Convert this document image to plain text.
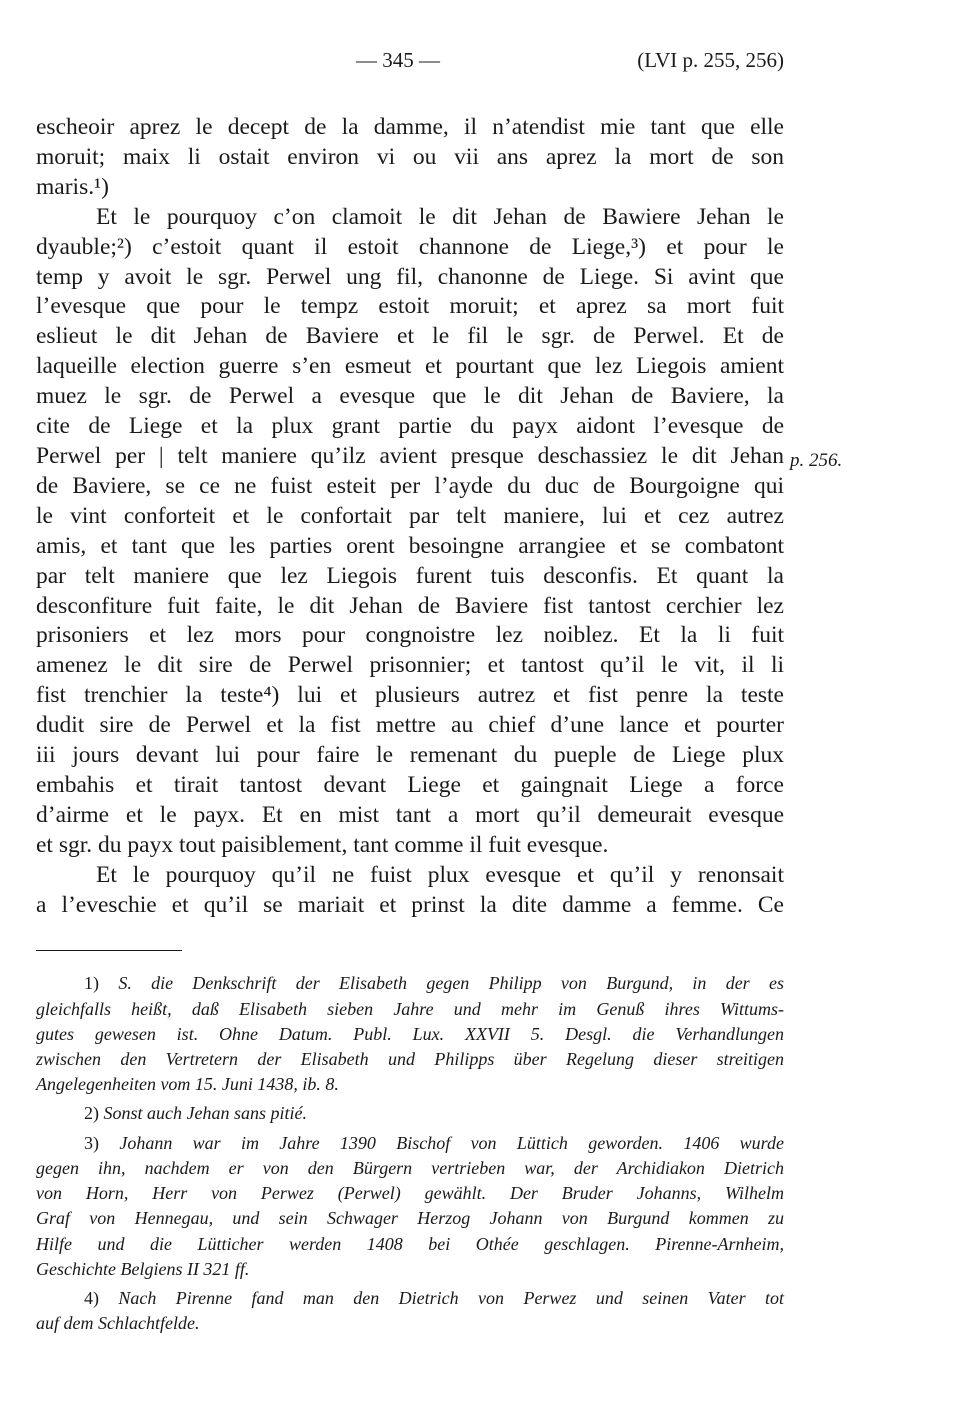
— 345 —	(LVI p. 255, 256)
escheoir aprez le decept de la damme, il n’atendist mie tant que elle
moruit; maix li ostait environ vi ou vii ans aprez la mort de son
maris.¹)
Et le pourquoy c’on clamoit le dit Jehan de Bawiere Jehan le
dyauble;²) c’estoit quant il estoit channone de Liege,³) et pour le
temp y avoit le sgr. Perwel ung fil, chanonne de Liege. Si avint que
l’evesque que pour le tempz estoit moruit; et aprez sa mort fuit
eslieut le dit Jehan de Baviere et le fil le sgr. de Perwel. Et de
laqueille election guerre s’en esmeut et pourtant que lez Liegois amient
muez le sgr. de Perwel a evesque que le dit Jehan de Baviere, la
cite de Liege et la plux grant partie du payx aidont l’evesque de
Perwel per | telt maniere qu’ilz avient presque deschassiez le dit Jehan
de Baviere, se ce ne fuist esteit per l’ayde du duc de Bourgoigne qui
le vint conforteit et le confortait par telt maniere, lui et cez autrez
amis, et tant que les parties orent besoingne arrangiee et se combatont
par telt maniere que lez Liegois furent tuis desconfis. Et quant la
desconfiture fuit faite, le dit Jehan de Baviere fist tantost cerchier lez
prisoniers et lez mors pour congnoistre lez noiblez. Et la li fuit
amenez le dit sire de Perwel prisonnier; et tantost qu’il le vit, il li
fist trenchier la teste⁴) lui et plusieurs autrez et fist penre la teste
dudit sire de Perwel et la fist mettre au chief d’une lance et pourter
iii jours devant lui pour faire le remenant du pueple de Liege plux
embahis et tirait tantost devant Liege et gaingnait Liege a force
d’airme et le payx. Et en mist tant a mort qu’il demeurait evesque
et sgr. du payx tout paisiblement, tant comme il fuit evesque.
Et le pourquoy qu’il ne fuist plux evesque et qu’il y renonsait
a l’eveschie et qu’il se mariait et prinst la dite damme a femme. Ce
1) S. die Denkschrift der Elisabeth gegen Philipp von Burgund, in der es
gleichfalls heißt, daß Elisabeth sieben Jahre und mehr im Genuß ihres Wittums-
gutes gewesen ist. Ohne Datum. Publ. Lux. XXVII 5. Desgl. die Verhandlungen
zwischen den Vertretern der Elisabeth und Philipps über Regelung dieser streitigen
Angelegenheiten vom 15. Juni 1438, ib. 8.
2) Sonst auch Jehan sans pitié.
3) Johann war im Jahre 1390 Bischof von Lüttich geworden. 1406 wurde
gegen ihn, nachdem er von den Bürgern vertrieben war, der Archidiakon Dietrich
von Horn, Herr von Perwez (Perwel) gewählt. Der Bruder Johanns, Wilhelm
Graf von Hennegau, und sein Schwager Herzog Johann von Burgund kommen zu
Hilfe und die Lütticher werden 1408 bei Othée geschlagen. Pirenne-Arnheim,
Geschichte Belgiens II 321 ff.
4) Nach Pirenne fand man den Dietrich von Perwez und seinen Vater tot
auf dem Schlachtfelde.
p. 256.
